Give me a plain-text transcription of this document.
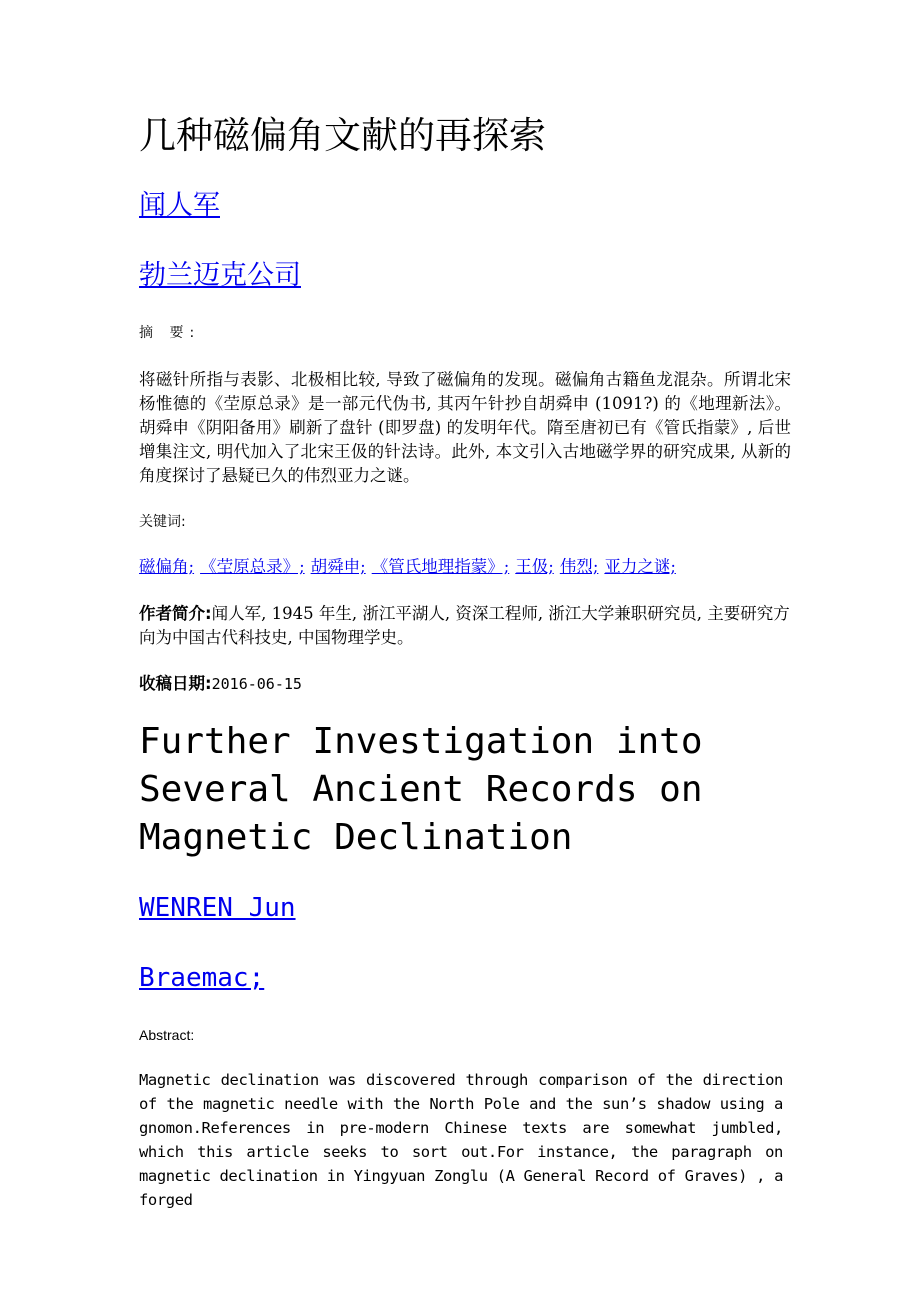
几种磁偏角文献的再探索
闻人军
勃兰迈克公司
摘 要:

将磁针所指与表影、北极相比较, 导致了磁偏角的发现。磁偏角古籍鱼龙混杂。所谓北宋杨惟德的《茔原总录》是一部元代伪书, 其丙午针抄自胡舜申 (1091?) 的《地理新法》。胡舜申《阴阳备用》刷新了盘针 (即罗盘) 的发明年代。隋至唐初已有《管氏指蒙》, 后世增集注文, 明代加入了北宋王伋的针法诗。此外, 本文引入古地磁学界的研究成果, 从新的角度探讨了悬疑已久的伟烈亚力之谜。

关键词:
磁偏角; 《茔原总录》; 胡舜申; 《管氏地理指蒙》; 王伋; 伟烈; 亚力之谜;

作者简介:闻人军, 1945 年生, 浙江平湖人, 资深工程师, 浙江大学兼职研究员, 主要研究方向为中国古代科技史, 中国物理学史。

收稿日期:2016-06-15
Further Investigation into Several Ancient Records on Magnetic Declination
WENREN Jun
Braemac;
Abstract:

Magnetic declination was discovered through comparison of the direction of the magnetic needle with the North Pole and the sun’s shadow using a gnomon.References in pre-modern Chinese texts are somewhat jumbled, which this article seeks to sort out.For instance, the paragraph on magnetic declination in Yingyuan Zonglu (A General Record of Graves) , a forged
